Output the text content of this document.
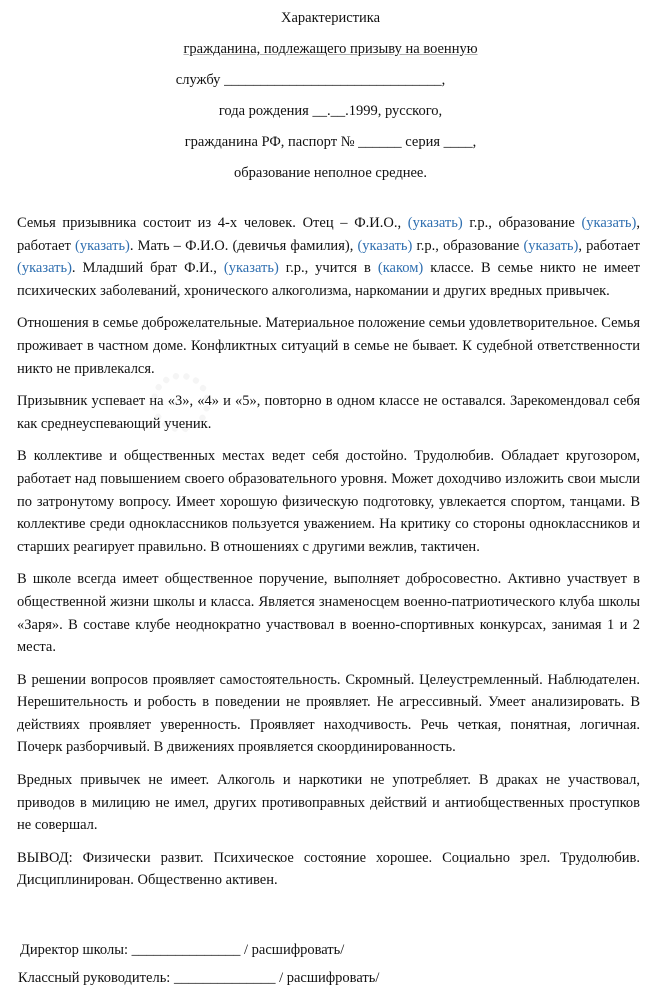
Характеристика
гражданина, подлежащего призыву на военную
службу ______________________________,
года рождения __.__.1999, русского,
гражданина РФ, паспорт № ______ серия ____,
образование неполное среднее.

Семья призывника состоит из 4-х человек. Отец – Ф.И.О., (указать) г.р., образование (указать), работает (указать). Мать – Ф.И.О. (девичья фамилия), (указать) г.р., образование (указать), работает (указать). Младший брат Ф.И., (указать) г.р., учится в (каком) классе. В семье никто не имеет психических заболеваний, хронического алкоголизма, наркомании и других вредных привычек.

Отношения в семье доброжелательные. Материальное положение семьи удовлетворительное. Семья проживает в частном доме. Конфликтных ситуаций в семье не бывает. К судебной ответственности никто не привлекался.

Призывник успевает на «3», «4» и «5», повторно в одном классе не оставался. Зарекомендовал себя как среднеуспевающий ученик.

В коллективе и общественных местах ведет себя достойно. Трудолюбив. Обладает кругозором, работает над повышением своего образовательного уровня. Может доходчиво изложить свои мысли по затронутому вопросу. Имеет хорошую физическую подготовку, увлекается спортом, танцами. В коллективе среди одноклассников пользуется уважением. На критику со стороны одноклассников и старших реагирует правильно. В отношениях с другими вежлив, тактичен.

В школе всегда имеет общественное поручение, выполняет добросовестно. Активно участвует в общественной жизни школы и класса. Является знаменосцем военно-патриотического клуба школы «Заря». В составе клубе неоднократно участвовал в военно-спортивных конкурсах, занимая 1 и 2 места.

В решении вопросов проявляет самостоятельность. Скромный. Целеустремленный. Наблюдателен. Нерешительность и робость в поведении не проявляет. Не агрессивный. Умеет анализировать. В действиях проявляет уверенность. Проявляет находчивость. Речь четкая, понятная, логичная. Почерк разборчивый. В движениях проявляется скоординированность.

Вредных привычек не имеет. Алкоголь и наркотики не употребляет. В драках не участвовал, приводов в милицию не имел, других противоправных действий и антиобщественных проступков не совершал.

ВЫВОД: Физически развит. Психическое состояние хорошее. Социально зрел. Трудолюбив. Дисциплинирован. Общественно активен.

Директор школы: _______________ / расшифровать/
Классный руководитель: ______________ / расшифровать/
